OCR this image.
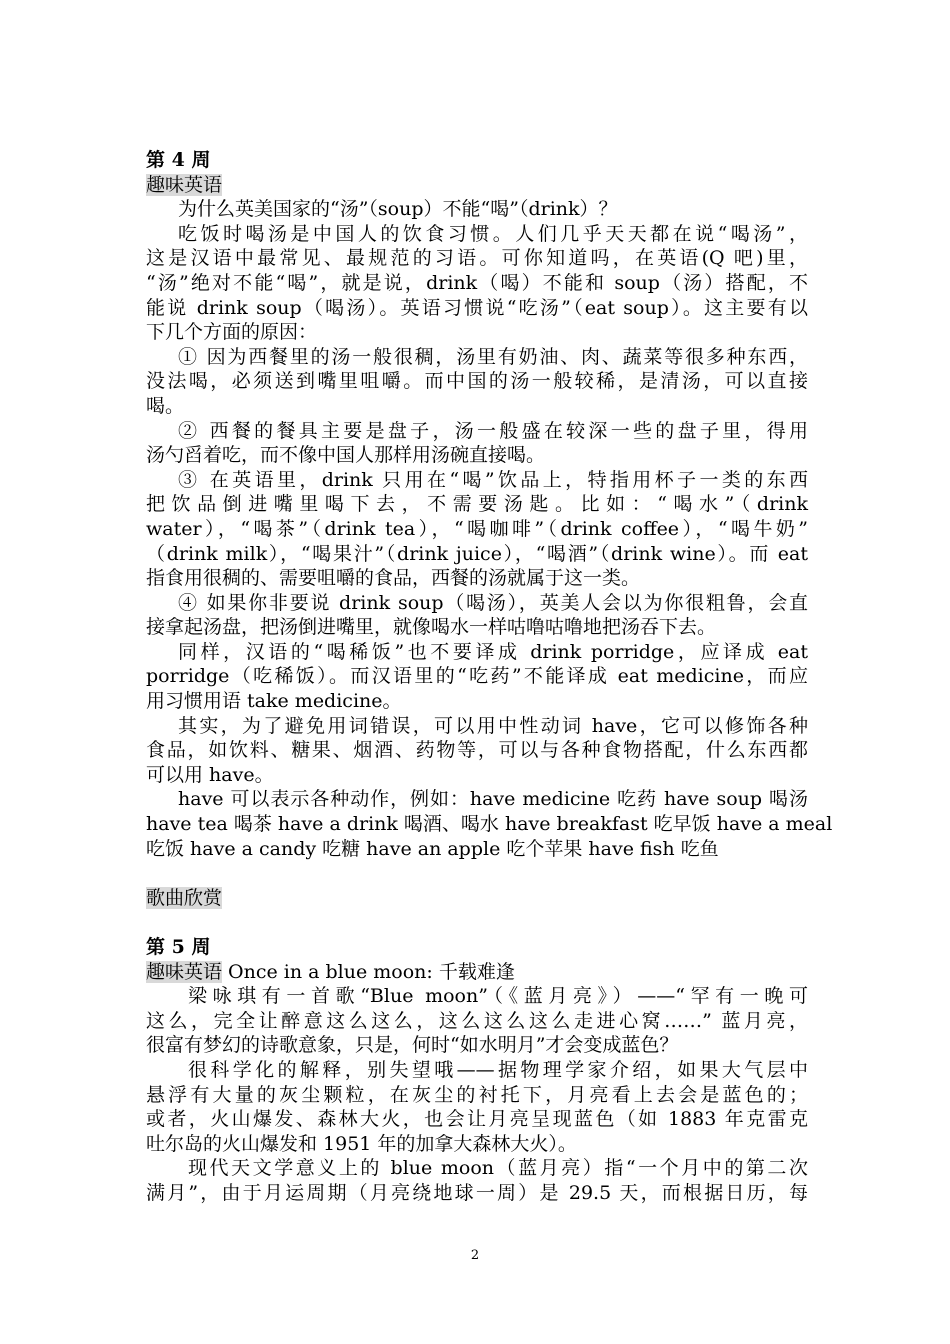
第 4 周
趣味英语
为什么英美国家的“汤”（soup）不能“喝”（drink）？
吃饭时喝汤是中国人的饮食习惯。人们几乎天天都在说“喝汤”，
这是汉语中最常见、最规范的习语。可你知道吗，在英语(Q 吧)里，
“汤”绝对不能“喝”，就是说，drink（喝）不能和 soup（汤）搭配，不
能说 drink soup（喝汤）。英语习惯说“吃汤”（eat soup）。这主要有以
下几个方面的原因：
① 因为西餐里的汤一般很稠，汤里有奶油、肉、蔬菜等很多种东西，
没法喝，必须送到嘴里咀嚼。而中国的汤一般较稀，是清汤，可以直接
喝。
② 西餐的餐具主要是盘子，汤一般盛在较深一些的盘子里，得用
汤勺舀着吃，而不像中国人那样用汤碗直接喝。
③ 在英语里，drink 只用在“喝”饮品上，特指用杯子一类的东西
把饮品倒进嘴里喝下去，不需要汤匙。比如：“喝水”（drink
water），“喝茶”（drink tea），“喝咖啡”（drink coffee），“喝牛奶”
（drink milk），“喝果汁”（drink juice），“喝酒”（drink wine）。而 eat
指食用很稠的、需要咀嚼的食品，西餐的汤就属于这一类。
④ 如果你非要说 drink soup（喝汤），英美人会以为你很粗鲁，会直
接拿起汤盘，把汤倒进嘴里，就像喝水一样咕噜咕噜地把汤吞下去。
同样，汉语的“喝稀饭”也不要译成 drink porridge，应译成 eat
porridge（吃稀饭）。而汉语里的“吃药”不能译成 eat medicine，而应
用习惯用语 take medicine。
其实，为了避免用词错误，可以用中性动词 have，它可以修饰各种
食品，如饮料、糖果、烟酒、药物等，可以与各种食物搭配，什么东西都
可以用 have。
have 可以表示各种动作，例如：have medicine 吃药 have soup 喝汤
have tea 喝茶 have a drink 喝酒、喝水 have breakfast 吃早饭 have a meal
吃饭 have a candy 吃糖 have an apple 吃个苹果 have fish 吃鱼
歌曲欣赏
第 5 周
趣味英语 Once in a blue moon: 千载难逢
梁咏琪有一首歌“Blue moon”（《蓝月亮》）——“罕有一晚可
这么，完全让醉意这么这么，这么这么这么走进心窝……” 蓝月亮，
很富有梦幻的诗歌意象，只是，何时“如水明月”才会变成蓝色？
很科学化的解释，别失望哦——据物理学家介绍，如果大气层中
悬浮有大量的灰尘颗粒，在灰尘的衬托下，月亮看上去会是蓝色的；
或者，火山爆发、森林大火，也会让月亮呈现蓝色（如 1883 年克雷克
吐尔岛的火山爆发和 1951 年的加拿大森林大火）。
现代天文学意义上的 blue moon（蓝月亮）指“一个月中的第二次
满月”，由于月运周期（月亮绕地球一周）是 29.5 天，而根据日历，每
2
